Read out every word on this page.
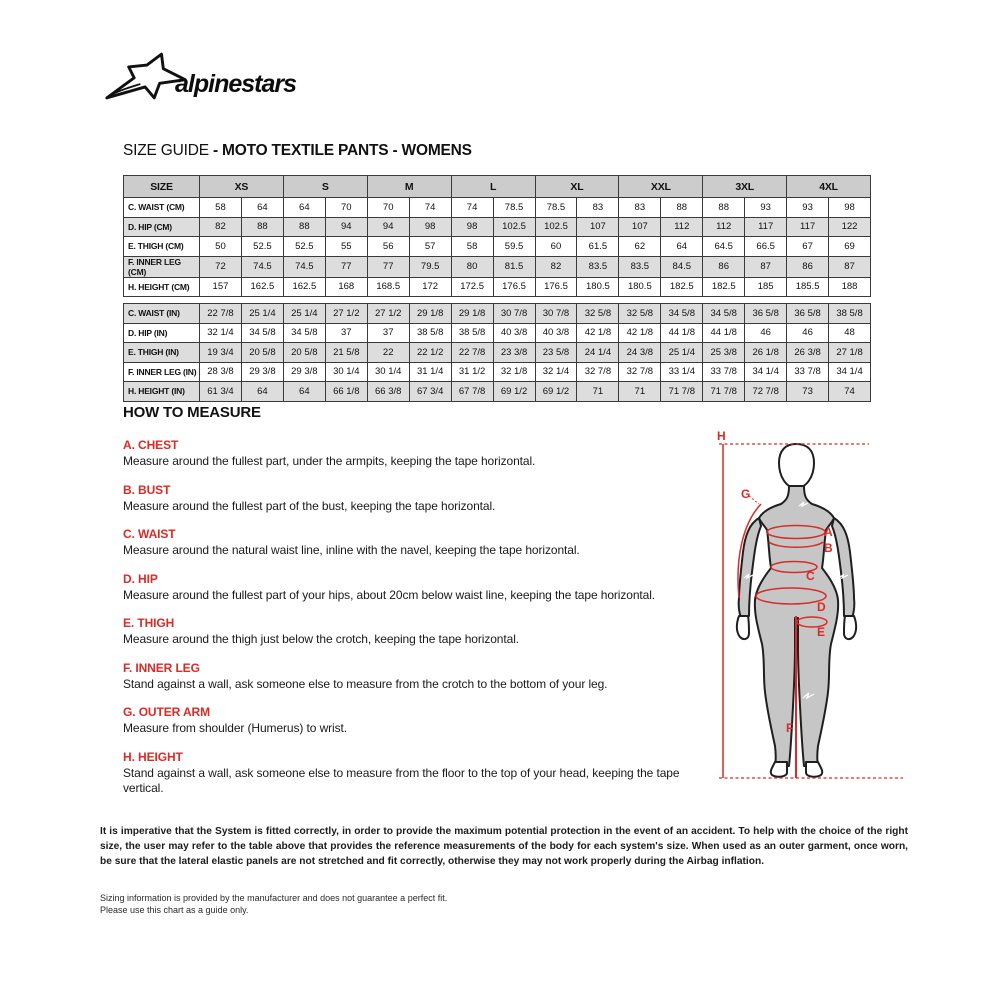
alpinestars
SIZE GUIDE - MOTO TEXTILE PANTS - WOMENS
SIZE	XS		S		M		L		XL		XXL		3XL		4XL	
C. WAIST (CM)	58	64	64	70	70	74	74	78.5	78.5	83	83	88	88	93	93	98
D. HIP (CM)	82	88	88	94	94	98	98	102.5	102.5	107	107	112	112	117	117	122
E. THIGH (CM)	50	52.5	52.5	55	56	57	58	59.5	60	61.5	62	64	64.5	66.5	67	69
F. INNER LEG (CM)	72	74.5	74.5	77	77	79.5	80	81.5	82	83.5	83.5	84.5	86	87	86	87
H. HEIGHT (CM)	157	162.5	162.5	168	168.5	172	172.5	176.5	176.5	180.5	180.5	182.5	182.5	185	185.5	188

C. WAIST (IN)	22 7/8	25 1/4	25 1/4	27 1/2	27 1/2	29 1/8	29 1/8	30 7/8	30 7/8	32 5/8	32 5/8	34 5/8	34 5/8	36 5/8	36 5/8	38 5/8
D. HIP (IN)	32 1/4	34 5/8	34 5/8	37	37	38 5/8	38 5/8	40 3/8	40 3/8	42 1/8	42 1/8	44 1/8	44 1/8	46	46	48
E. THIGH (IN)	19 3/4	20 5/8	20 5/8	21 5/8	22	22 1/2	22 7/8	23 3/8	23 5/8	24 1/4	24 3/8	25 1/4	25 3/8	26 1/8	26 3/8	27 1/8
F. INNER LEG (IN)	28 3/8	29 3/8	29 3/8	30 1/4	30 1/4	31 1/4	31 1/2	32 1/8	32 1/4	32 7/8	32 7/8	33 1/4	33 7/8	34 1/4	33 7/8	34 1/4
H. HEIGHT (IN)	61 3/4	64	64	66 1/8	66 3/8	67 3/4	67 7/8	69 1/2	69 1/2	71	71	71 7/8	71 7/8	72 7/8	73	74
HOW TO MEASURE
A. CHEST

Measure around the fullest part, under the armpits, keeping the tape horizontal.

B. BUST

Measure around the fullest part of the bust, keeping the tape horizontal.

C. WAIST

Measure around the natural waist line, inline with the navel, keeping the tape horizontal.

D. HIP

Measure around the fullest part of your hips, about 20cm below waist line, keeping the tape horizontal.

E. THIGH

Measure around the thigh just below the crotch, keeping the tape horizontal.

F. INNER LEG

Stand against a wall, ask someone else to measure from the crotch to the bottom of your leg.

G. OUTER ARM

Measure from shoulder (Humerus) to wrist.

H. HEIGHT

Stand against a wall, ask someone else to measure from the floor to the top of your head, keeping the tape vertical.

H
G
A
B
C
D
E
F
It is imperative that the System is fitted correctly, in order to provide the maximum potential protection in the event of an accident. To help with the choice of the right size, the user may refer to the table above that provides the reference measurements of the body for each system's size. When used as an outer garment, once worn, be sure that the lateral elastic panels are not stretched and fit correctly, otherwise they may not work properly during the Airbag inflation.
Sizing information is provided by the manufacturer and does not guarantee a perfect fit.
Please use this chart as a guide only.
